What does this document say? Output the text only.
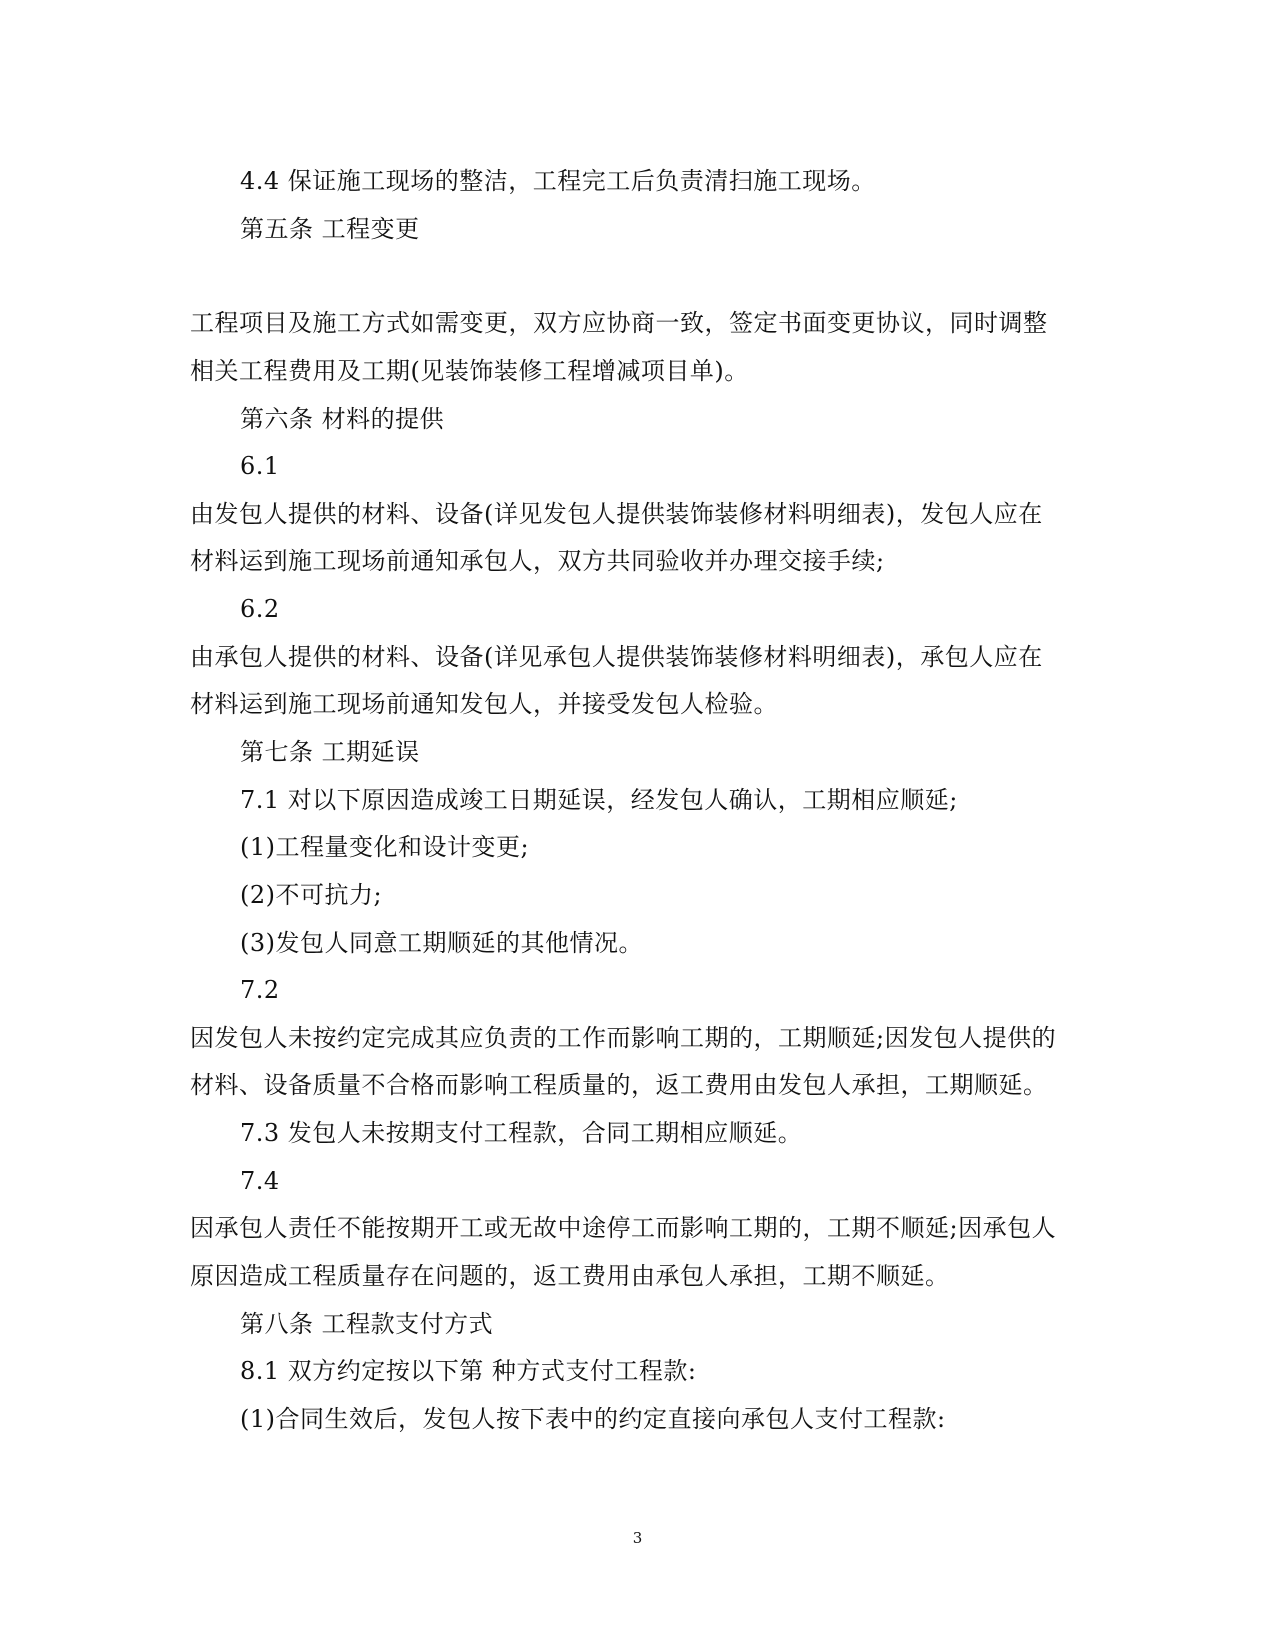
4.4 保证施工现场的整洁，工程完工后负责清扫施工现场。
第五条 工程变更
工程项目及施工方式如需变更，双方应协商一致，签定书面变更协议，同时调整
相关工程费用及工期(见装饰装修工程增减项目单)。
第六条 材料的提供
6.1
由发包人提供的材料、设备(详见发包人提供装饰装修材料明细表)，发包人应在
材料运到施工现场前通知承包人，双方共同验收并办理交接手续;
6.2
由承包人提供的材料、设备(详见承包人提供装饰装修材料明细表)，承包人应在
材料运到施工现场前通知发包人，并接受发包人检验。
第七条 工期延误
7.1 对以下原因造成竣工日期延误，经发包人确认，工期相应顺延;
(1)工程量变化和设计变更;
(2)不可抗力;
(3)发包人同意工期顺延的其他情况。
7.2
因发包人未按约定完成其应负责的工作而影响工期的，工期顺延;因发包人提供的
材料、设备质量不合格而影响工程质量的，返工费用由发包人承担，工期顺延。
7.3 发包人未按期支付工程款，合同工期相应顺延。
7.4
因承包人责任不能按期开工或无故中途停工而影响工期的，工期不顺延;因承包人
原因造成工程质量存在问题的，返工费用由承包人承担，工期不顺延。
第八条 工程款支付方式
8.1 双方约定按以下第 种方式支付工程款:
(1)合同生效后，发包人按下表中的约定直接向承包人支付工程款:
3
